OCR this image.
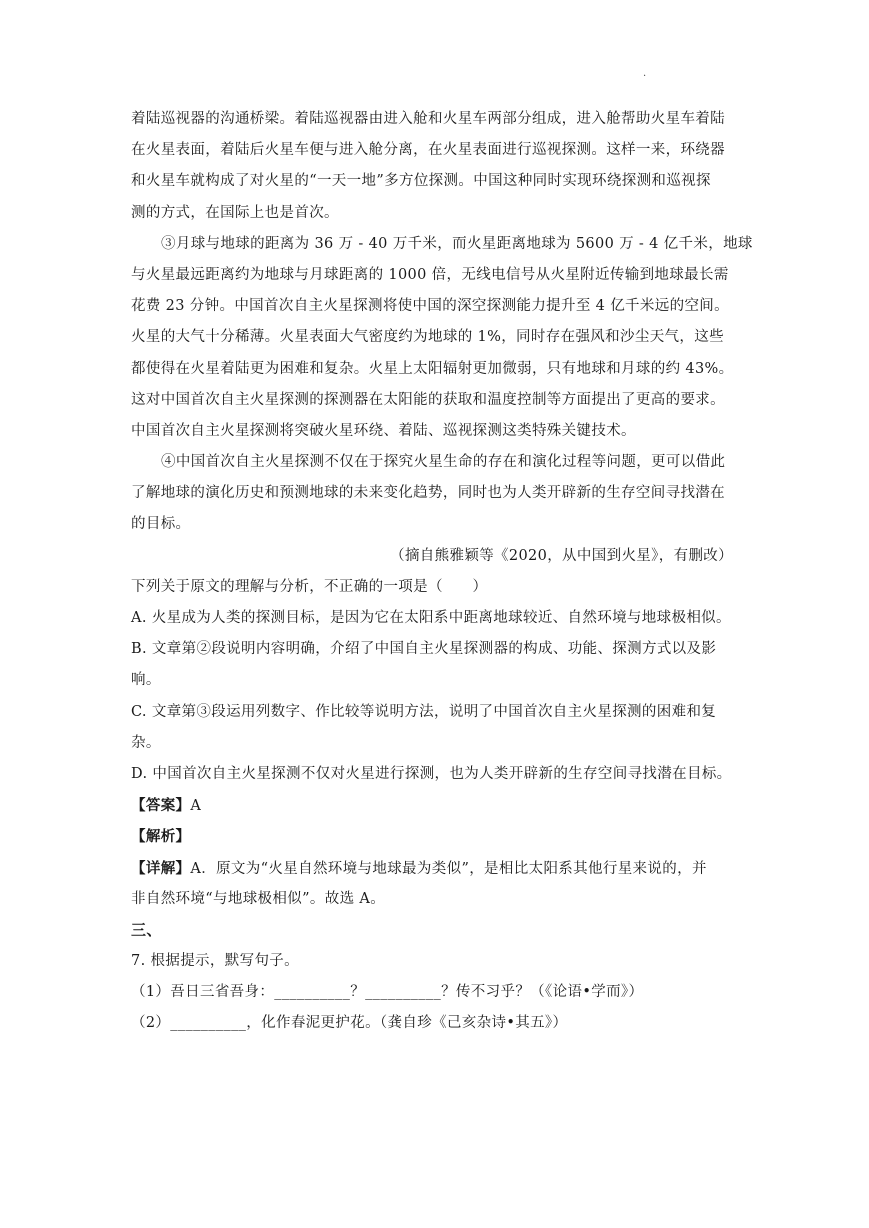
.
着陆巡视器的沟通桥梁。着陆巡视器由进入舱和火星车两部分组成，进入舱帮助火星车着陆
在火星表面，着陆后火星车便与进入舱分离，在火星表面进行巡视探测。这样一来，环绕器
和火星车就构成了对火星的“一天一地”多方位探测。中国这种同时实现环绕探测和巡视探
测的方式，在国际上也是首次。
③月球与地球的距离为 36 万 - 40 万千米，而火星距离地球为 5600 万 - 4 亿千米，地球
与火星最远距离约为地球与月球距离的 1000 倍，无线电信号从火星附近传输到地球最长需
花费 23 分钟。中国首次自主火星探测将使中国的深空探测能力提升至 4 亿千米远的空间。
火星的大气十分稀薄。火星表面大气密度约为地球的 1%，同时存在强风和沙尘天气，这些
都使得在火星着陆更为困难和复杂。火星上太阳辐射更加微弱，只有地球和月球的约 43%。
这对中国首次自主火星探测的探测器在太阳能的获取和温度控制等方面提出了更高的要求。
中国首次自主火星探测将突破火星环绕、着陆、巡视探测这类特殊关键技术。
④中国首次自主火星探测不仅在于探究火星生命的存在和演化过程等问题，更可以借此
了解地球的演化历史和预测地球的未来变化趋势，同时也为人类开辟新的生存空间寻找潜在
的目标。
（摘自熊雅颖等《2020，从中国到火星》，有删改）
下列关于原文的理解与分析，不正确的一项是（　　）
A. 火星成为人类的探测目标，是因为它在太阳系中距离地球较近、自然环境与地球极相似。
B. 文章第②段说明内容明确，介绍了中国自主火星探测器的构成、功能、探测方式以及影
响。
C. 文章第③段运用列数字、作比较等说明方法，说明了中国首次自主火星探测的困难和复
杂。
D. 中国首次自主火星探测不仅对火星进行探测，也为人类开辟新的生存空间寻找潜在目标。
【答案】A
【解析】
【详解】A．原文为“火星自然环境与地球最为类似”，是相比太阳系其他行星来说的，并
非自然环境“与地球极相似”。故选 A。
三、
7. 根据提示，默写句子。
（1）吾日三省吾身：__________？__________？传不习乎？（《论语•学而》）
（2）__________，化作春泥更护花。（龚自珍《己亥杂诗•其五》）
